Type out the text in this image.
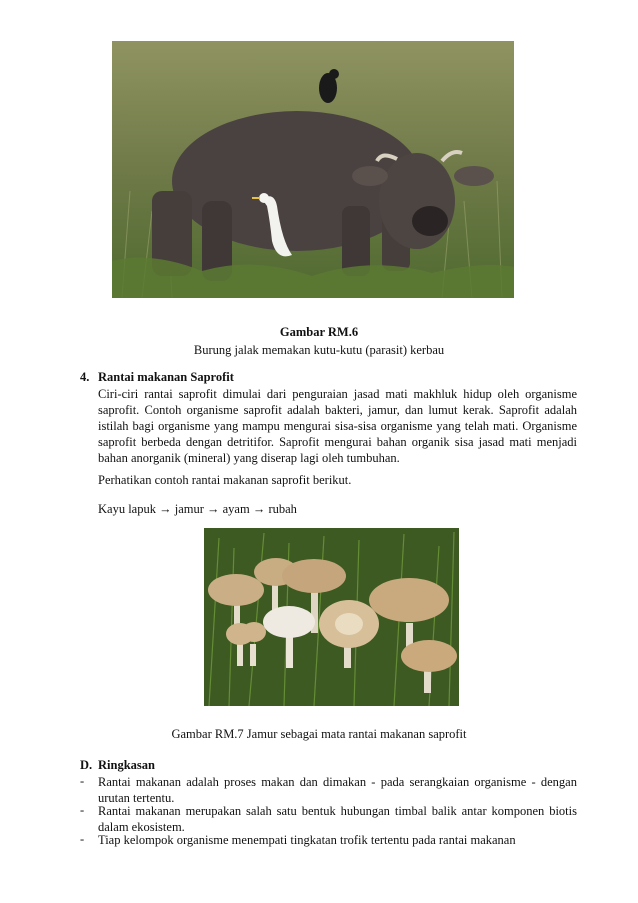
Gambar RM.6
Burung jalak memakan kutu-kutu (parasit) kerbau
4. Rantai makanan Saprofit
Ciri-ciri rantai saprofit dimulai dari penguraian jasad mati makhluk hidup oleh organisme saprofit. Contoh organisme saprofit adalah bakteri, jamur, dan lumut kerak. Saprofit adalah istilah bagi organisme yang mampu mengurai sisa-sisa organisme yang telah mati. Organisme saprofit berbeda dengan detritifor. Saprofit mengurai bahan organik sisa jasad mati menjadi bahan anorganik (mineral) yang diserap lagi oleh tumbuhan.
Perhatikan contoh rantai makanan saprofit berikut.
Kayu lapuk → jamur → ayam → rubah
Gambar RM.7 Jamur sebagai mata rantai makanan saprofit
D. Ringkasan
- Rantai makanan adalah proses makan dan dimakan - pada serangkaian organisme - dengan urutan tertentu.
- Rantai makanan merupakan salah satu bentuk hubungan timbal balik antar komponen biotis dalam ekosistem.
- Tiap kelompok organisme menempati tingkatan trofik tertentu pada rantai makanan
